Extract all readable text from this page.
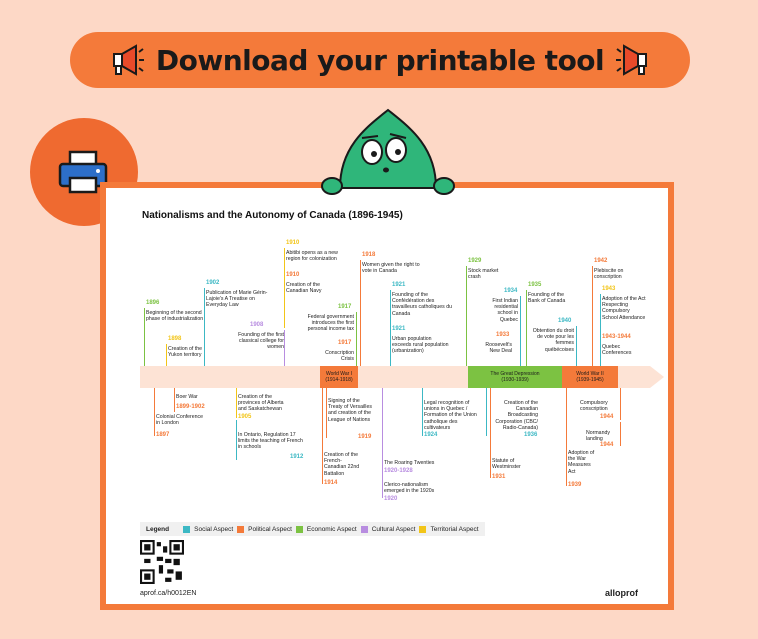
Download your printable tool
Nationalisms and the Autonomy of Canada (1896-1945)
World War I
(1914-1918)
The Great Depression
(1930-1939)
World War II
(1939-1945)
1896
Beginning of the second phase of industrialization
1898
Creation of the Yukon territory
1902
Publication of Marie Gérin-Lajoie's A Treatise on Everyday Law
1908
Founding of the first classical college for women
1910
Abitibi opens as a new region for colonization
1910
Creation of the Canadian Navy
1917
Federal government introduces the first personal income tax
1917
Conscription Crisis
1918
Women given the right to vote in Canada
1921
Founding of the Confédération des travailleurs catholiques du Canada
1921
Urban population exceeds rural population (urbanization)
1929
Stock market crash
1934
First Indian residential school in Quebec
1933
Roosevelt's New Deal
1935
Founding of the Bank of Canada
1940
Obtention du droit de vote pour les femmes québécoises
1942
Plebiscite on conscription
1943
Adoption of the Act Respecting Compulsory School Attendance
1943-1944
Quebec Conferences
Boer War
1899-1902
Colonial Conference in London
1897
Creation of the provinces of Alberta and Saskatchewan
1905
In Ontario, Regulation 17 limits the teaching of French in schools
1912
Signing of the Treaty of Versailles and creation of the League of Nations
1919
Creation of the French-Canadian 22nd Battalion
1914
The Roaring Twenties
1920-1928
Clerico-nationalism emerged in the 1920s
1920
Legal recognition of unions in Quebec / Formation of the Union catholique des cultivateurs
1924
Creation of the Canadian Broadcasting Corporation (CBC/ Radio-Canada)
1936
Statute of Westminster
1931
Compulsory conscription
1944
Normandy landing
1944
Adoption of the War Measures Act
1939
Legend	Social Aspect Political Aspect Economic Aspect Cultural Aspect Territorial Aspect
aprof.ca/h0012EN	alloprof
